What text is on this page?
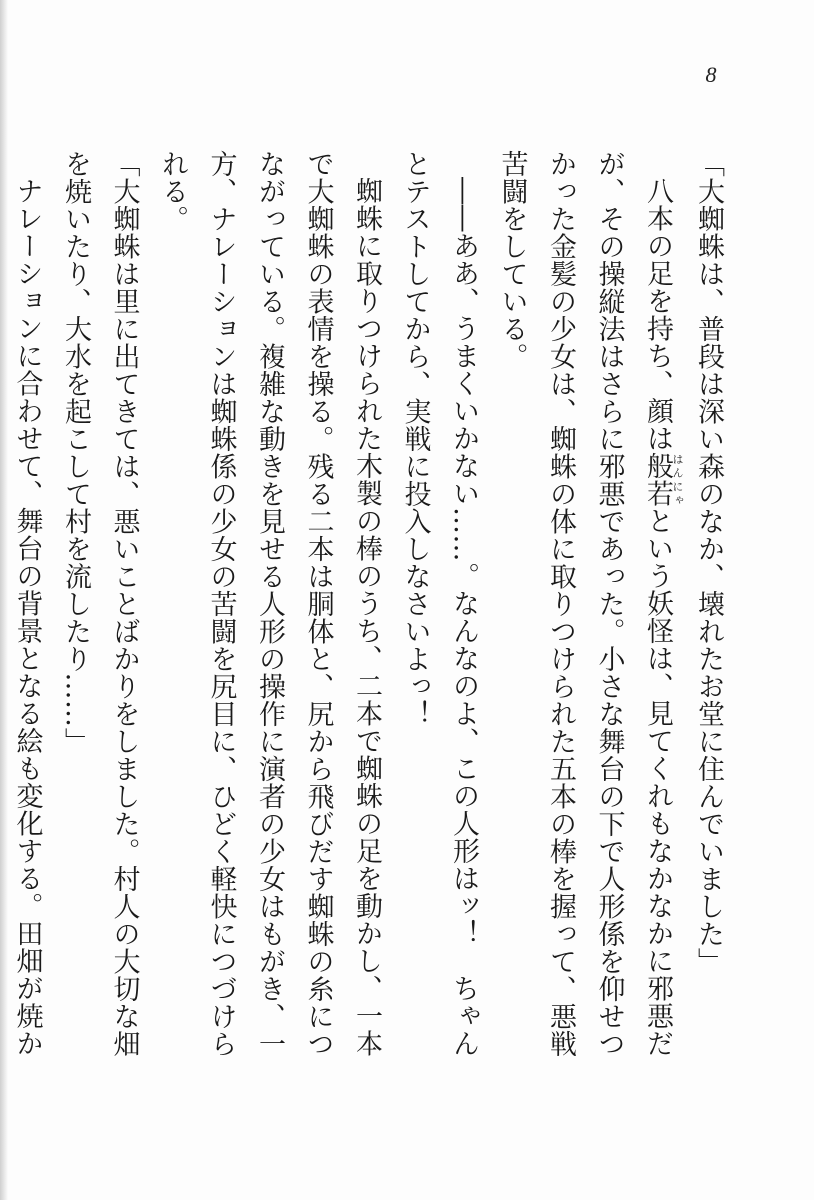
8

「大蜘蛛は、普段は深い森のなか、壊れたお堂に住んでいました」

八本の足を持ち、顔は般若はんにゃという妖怪は、見てくれもなかなかに邪悪だが、その操縦法はさらに邪悪であった。小さな舞台の下で人形係を仰せつかった金髪の少女は、蜘蛛の体に取りつけられた五本の棒を握って、悪戦苦闘をしている。

――ああ、うまくいかない……。なんなのよ、この人形はッ！　ちゃんとテストしてから、実戦に投入しなさいよっ！

蜘蛛に取りつけられた木製の棒のうち、二本で蜘蛛の足を動かし、一本で大蜘蛛の表情を操る。残る二本は胴体と、尻から飛びだす蜘蛛の糸につながっている。複雑な動きを見せる人形の操作に演者の少女はもがき、一方、ナレーションは蜘蛛係の少女の苦闘を尻目に、ひどく軽快につづけられる。

「大蜘蛛は里に出てきては、悪いことばかりをしました。村人の大切な畑を焼いたり、大水を起こして村を流したり……」

ナレーションに合わせて、舞台の背景となる絵も変化する。田畑が焼か
